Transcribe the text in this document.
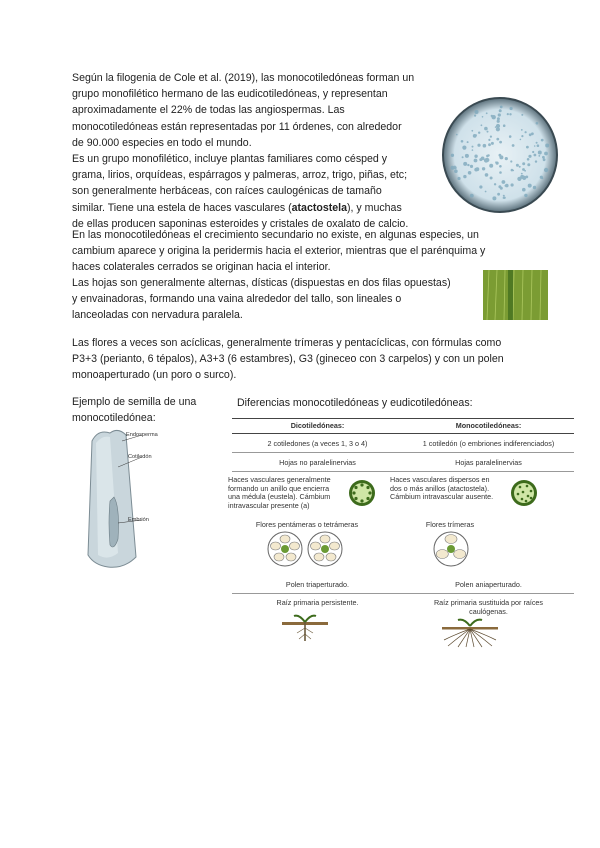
Según la filogenia de Cole et al. (2019), las monocotiledóneas forman un
grupo monofilético hermano de las eudicotiledóneas, y representan
aproximadamente el 22% de todas las angiospermas. Las
monocotiledóneas están representadas por 11 órdenes, con alrededor
de 90.000 especies en todo el mundo.
Es un grupo monofilético, incluye plantas familiares como césped y
grama, lirios, orquídeas, espárragos y palmeras, arroz, trigo, piñas, etc;
son generalmente herbáceas, con raíces caulogénicas de tamaño
similar. Tiene una estela de haces vasculares (atactostela), y muchas
de ellas producen saponinas esteroides y cristales de oxalato de calcio.
En las monocotiledóneas el crecimiento secundario no existe, en algunas especies, un
cambium aparece y origina la peridermis hacia el exterior, mientras que el parénquima y
haces colaterales cerrados se originan hacia el interior.
Las hojas son generalmente alternas, dísticas (dispuestas en dos filas opuestas)
y envainadoras, formando una vaina alrededor del tallo, son lineales o
lanceoladas con nervadura paralela.
Las flores a veces son acíclicas, generalmente trímeras y pentacíclicas, con fórmulas como
P3+3 (perianto, 6 tépalos), A3+3 (6 estambres), G3 (gineceo con 3 carpelos) y con un polen
monoaperturado (un poro o surco).
Ejemplo de semilla de una
monocotiledónea:
Endosperma
Cotiledón
Embrión
Diferencias monocotiledóneas y eudicotiledóneas:
Dicotiledóneas:	Monocotiledóneas:
2 cotiledones (a veces 1, 3 o 4)	1 cotiledón (o embriones indiferenciados)
Hojas no paralelinervias	Hojas paralelinervias
Haces vasculares generalmente
formando un anillo que encierra
una médula (eustela). Cámbium
intravascular presente (a)
Haces vasculares dispersos en
dos o más anillos (atactostela).
Cámbium intravascular ausente.
Flores pentámeras o tetrámeras	Flores trímeras
Polen triaperturado.	Polen aniaperturado.
Raíz primaria persistente.	Raíz primaria sustituida por raíces
caulógenas.
